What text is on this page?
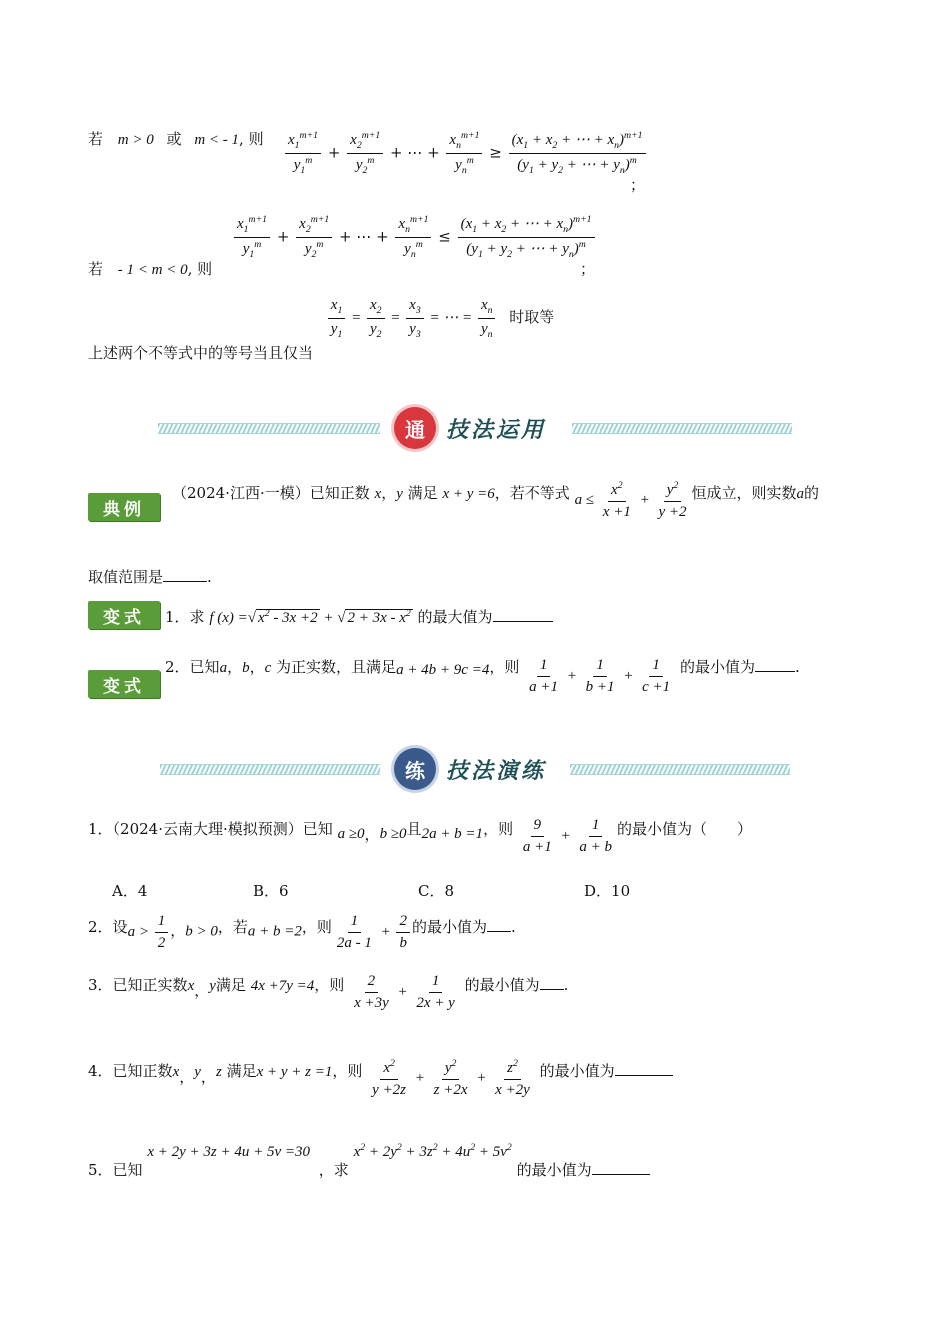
若 m > 0 或 m < - 1, 则 $\frac{x_1^{m+1}}{y_1^m} + \frac{x_2^{m+1}}{y_2^m}$ + ⋯ + $\frac{x_n^{m+1}}{y_n^m} \ge \frac{(x_1 + x_2 + \cdots + x_n)^{m+1}}{(y_1 + y_2 + \cdots + y_n)^m}$
；
若 - 1 < m < 0, 则
$\frac{x_1^{m+1}}{y_1^m} + \frac{x_2^{m+1}}{y_2^m}$ + ⋯ + $\frac{x_n^{m+1}}{y_n^m} \le \frac{(x_1 + x_2 + \cdots + x_n)^{m+1}}{(y_1 + y_2 + \cdots + y_n)^m}$
；
上述两个不等式中的等号当且仅当
$\frac{x_1}{y_1} = \frac{x_2}{y_2} = \frac{x_3}{y_3}$ = ⋯ = $\frac{x_n}{y_n}$ 时取等
通 技法运用
典例
（2024·江西·一模）已知正数 x，y 满足 x + y =6，若不等式 $a \le \frac{x^2}{x +1} + \frac{y^2}{y +2}$ 恒成立，则实数a的
取值范围是	.
变式	1．求 f (x) =√ $x^2 - 3x +2$ + √ $2 + 3x - x^2$ 的最大值为
变式
2．已知a，b，c 为正实数，且满足a + 4b + 9c =4，则 $\frac{1}{a +1} + \frac{1}{b +1} + \frac{1}{c +1}$ 的最小值为	.
练 技法演练
1．（2024·云南大理·模拟预测）已知 a ≥0，b ≥0且2a + b =1，则 $\frac{9}{a +1} + \frac{1}{a + b}$ 的最小值为（　　）
A．4	B．6	C．8	D．10
2．设$a > \frac{1}{2}$ ，b > 0，若a + b =2，则 $\frac{1}{2a - 1} + \frac{2}{b}$ 的最小值为 .
3．已知正实数x，y满足 4x +7y =4，则 $\frac{2}{x +3y} + \frac{1}{2x + y}$ 的最小值为 .
4．已知正数x，y，z 满足x + y + z =1，则 $\frac{x^2}{y +2z} + \frac{y^2}{z +2x} + \frac{z^2}{x +2y}$ 的最小值为
5．已知 x + 2y + 3z + 4u + 5v =30 ，求 $x^2 + 2y^2 + 3z^2 + 4u^2 + 5v^2$ 的最小值为
